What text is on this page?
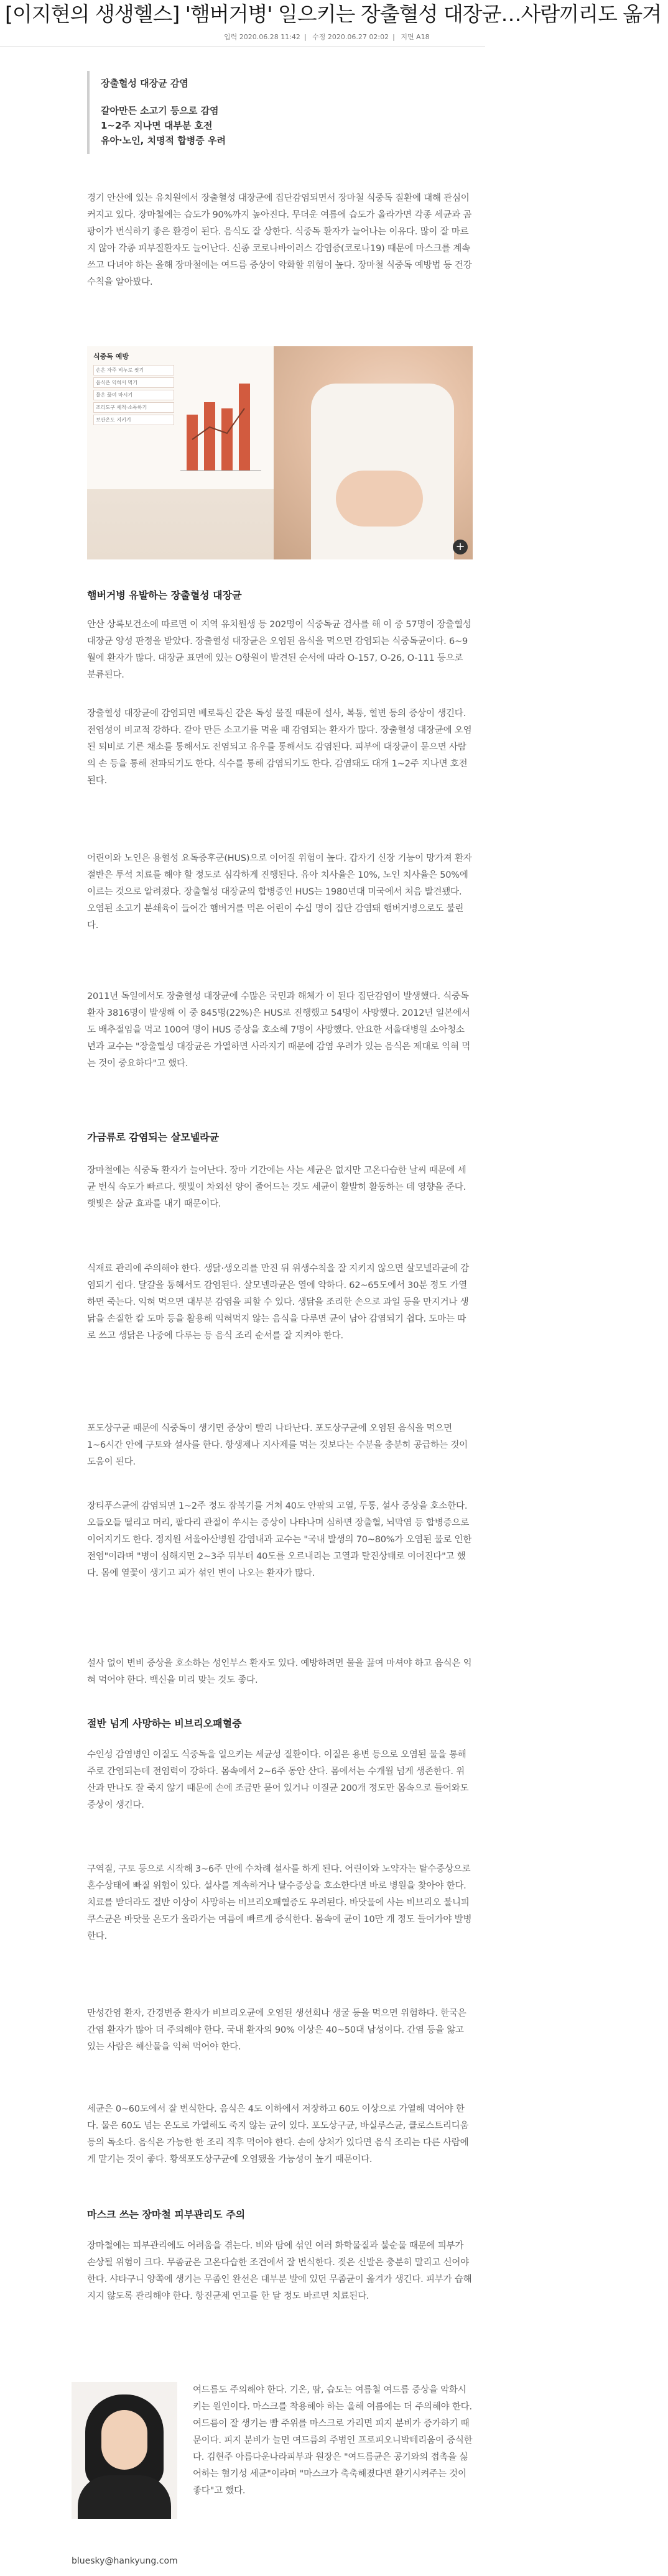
[이지현의 생생헬스] '햄버거병' 일으키는 장출혈성 대장균…사람끼리도 옮겨
입력 2020.06.28 11:42 | 수정 2020.06.27 02:02 | 지면 A18

장출혈성 대장균 감염

갈아만든 소고기 등으로 감염

1~2주 지나면 대부분 호전

유아·노인, 치명적 합병증 우려

경기 안산에 있는 유치원에서 장출혈성 대장균에 집단감염되면서 장마철 식중독 질환에 대해 관심이 커지고 있다. 장마철에는 습도가 90%까지 높아진다. 무더운 여름에 습도가 올라가면 각종 세균과 곰팡이가 번식하기 좋은 환경이 된다. 음식도 잘 상한다. 식중독 환자가 늘어나는 이유다. 많이 잘 마르지 않아 각종 피부질환자도 늘어난다. 신종 코로나바이러스 감염증(코로나19) 때문에 마스크를 계속 쓰고 다녀야 하는 올해 장마철에는 여드름 증상이 악화할 위험이 높다. 장마철 식중독 예방법 등 건강수칙을 알아봤다.

식중독 예방
손은 자주 비누로 씻기
음식은 익혀서 먹기
물은 끓여 마시기
조리도구 세척·소독하기
보관온도 지키기
+

햄버거병 유발하는 장출혈성 대장균

안산 상록보건소에 따르면 이 지역 유치원생 등 202명이 식중독균 검사를 해 이 중 57명이 장출혈성 대장균 양성 판정을 받았다. 장출혈성 대장균은 오염된 음식을 먹으면 감염되는 식중독균이다. 6~9월에 환자가 많다. 대장균 표면에 있는 O항원이 발견된 순서에 따라 O-157, O-26, O-111 등으로 분류된다.

장출혈성 대장균에 감염되면 베로톡신 같은 독성 물질 때문에 설사, 복통, 혈변 등의 증상이 생긴다. 전염성이 비교적 강하다. 같아 만든 소고기를 먹을 때 감염되는 환자가 많다. 장출혈성 대장균에 오염된 퇴비로 기른 채소를 통해서도 전염되고 유우를 통해서도 감염된다. 피부에 대장균이 묻으면 사람의 손 등을 통해 전파되기도 한다. 식수를 통해 감염되기도 한다. 감염돼도 대개 1~2주 지나면 호전된다.

어린이와 노인은 용혈성 요독증후군(HUS)으로 이어질 위험이 높다. 갑자기 신장 기능이 망가져 환자 절반은 투석 치료를 해야 할 정도로 심각하게 진행된다. 유아 치사율은 10%, 노인 치사율은 50%에 이르는 것으로 알려졌다. 장출혈성 대장균의 합병증인 HUS는 1980년대 미국에서 처음 발견됐다. 오염된 소고기 분쇄육이 들어간 햄버거를 먹은 어린이 수십 명이 집단 감염돼 햄버거병으로도 불린다.

2011년 독일에서도 장출혈성 대장균에 수많은 국민과 해체가 이 된다 집단감염이 발생했다. 식중독 환자 3816명이 발생해 이 중 845명(22%)은 HUS로 진행했고 54명이 사망했다. 2012년 일본에서도 배추절임을 먹고 100여 명이 HUS 증상을 호소해 7명이 사망했다. 안요한 서울대병원 소아청소년과 교수는 "장출혈성 대장균은 가열하면 사라지기 때문에 감염 우려가 있는 음식은 제대로 익혀 먹는 것이 중요하다"고 했다.

가금류로 감염되는 살모넬라균

장마철에는 식중독 환자가 늘어난다. 장마 기간에는 사는 세균은 없지만 고온다습한 날씨 때문에 세균 번식 속도가 빠르다. 햇빛이 차외선 양이 줄어드는 것도 세균이 활발히 활동하는 데 영향을 준다. 햇빛은 살균 효과를 내기 때문이다.

식재료 관리에 주의해야 한다. 생닭·생오리를 만진 뒤 위생수칙을 잘 지키지 않으면 살모넬라균에 감염되기 쉽다. 달걀을 통해서도 감염된다. 살모넬라균은 열에 약하다. 62~65도에서 30분 정도 가열하면 죽는다. 익혀 먹으면 대부분 감염을 피할 수 있다. 생닭을 조리한 손으로 과일 등을 만지거나 생닭을 손질한 칼 도마 등을 활용해 익혀먹지 않는 음식을 다루면 균이 남아 감염되기 쉽다. 도마는 따로 쓰고 생닭은 나중에 다루는 등 음식 조리 순서를 잘 지켜야 한다.

포도상구균 때문에 식중독이 생기면 증상이 빨리 나타난다. 포도상구균에 오염된 음식을 먹으면 1~6시간 안에 구토와 설사를 한다. 항생제나 지사제를 먹는 것보다는 수분을 충분히 공급하는 것이 도움이 된다.

장티푸스균에 감염되면 1~2주 정도 잠복기를 거쳐 40도 안팎의 고열, 두통, 설사 증상을 호소한다. 오들오들 떨리고 머리, 팔다리 관절이 쑤시는 증상이 나타나며 심하면 장출혈, 뇌막염 등 합병증으로 이어지기도 한다. 정지원 서울아산병원 감염내과 교수는 "국내 발생의 70~80%가 오염된 물로 인한 전염"이라며 "병이 심해지면 2~3주 뒤부터 40도를 오르내리는 고열과 탈진상태로 이어진다"고 했다. 몸에 열꽃이 생기고 피가 섞인 변이 나오는 환자가 많다.

설사 없이 변비 증상을 호소하는 성인부스 환자도 있다. 예방하려면 물을 끓여 마셔야 하고 음식은 익혀 먹어야 한다. 백신을 미리 맞는 것도 좋다.

절반 넘게 사망하는 비브리오패혈증

수인성 감염병인 이질도 식중독을 일으키는 세균성 질환이다. 이질은 용변 등으로 오염된 물을 통해 주로 간염되는데 전염력이 강하다. 몸속에서 2~6주 동안 산다. 몸에서는 수개월 넘게 생존한다. 위산과 만나도 잘 죽지 않기 때문에 손에 조금만 묻어 있거나 이질균 200개 정도만 몸속으로 들어와도 증상이 생긴다.

구역질, 구토 등으로 시작해 3~6주 만에 수차례 설사를 하게 된다. 어린이와 노약자는 탈수증상으로 혼수상태에 빠질 위험이 있다. 설사를 계속하거나 탈수증상을 호소한다면 바로 병원을 찾아야 한다. 치료를 받더라도 절반 이상이 사망하는 비브리오패혈증도 우려된다. 바닷물에 사는 비브리오 불니피쿠스균은 바닷물 온도가 올라가는 여름에 빠르게 증식한다. 몸속에 균이 10만 개 정도 들어가야 발병한다.

만성간염 환자, 간경변증 환자가 비브리오균에 오염된 생선회나 생굴 등을 먹으면 위험하다. 한국은 간염 환자가 많아 더 주의해야 한다. 국내 환자의 90% 이상은 40~50대 남성이다. 간염 등을 앓고 있는 사람은 해산물을 익혀 먹어야 한다.

세균은 0~60도에서 잘 번식한다. 음식은 4도 이하에서 저장하고 60도 이상으로 가열해 먹어야 한다. 물은 60도 넘는 온도로 가열해도 죽지 않는 균이 있다. 포도상구균, 바실루스균, 클로스트리디움 등의 독소다. 음식은 가능한 한 조리 직후 먹어야 한다. 손에 상처가 있다면 음식 조리는 다른 사람에게 맡기는 것이 좋다. 황색포도상구균에 오염됐을 가능성이 높기 때문이다.

마스크 쓰는 장마철 피부관리도 주의

장마철에는 피부관리에도 어려움을 겪는다. 비와 땀에 섞인 여러 화학물질과 불순물 때문에 피부가 손상될 위험이 크다. 무좀균은 고온다습한 조건에서 잘 번식한다. 젖은 신발은 충분히 말리고 신어야 한다. 샤타구니 양쪽에 생기는 무좀인 완선은 대부분 발에 있던 무좀균이 옮겨가 생긴다. 피부가 습해지지 않도록 관리해야 한다. 항진균제 연고를 한 달 정도 바르면 치료된다.

여드름도 주의해야 한다. 기온, 땀, 습도는 여름철 여드름 증상을 악화시키는 원인이다. 마스크를 착용해야 하는 올해 여름에는 더 주의해야 한다. 여드름이 잘 생기는 빰 주위를 마스크로 가리면 피지 분비가 증가하기 때문이다. 피지 분비가 늘면 여드름의 주범인 프로피오니박테리움이 증식한다. 김현주 아름다운나라피부과 원장은 "여드름균은 공기와의 접촉을 싫어하는 혐기성 세균"이라며 "마스크가 축축해졌다면 환기시켜주는 것이 좋다"고 했다.

bluesky@hankyung.com
